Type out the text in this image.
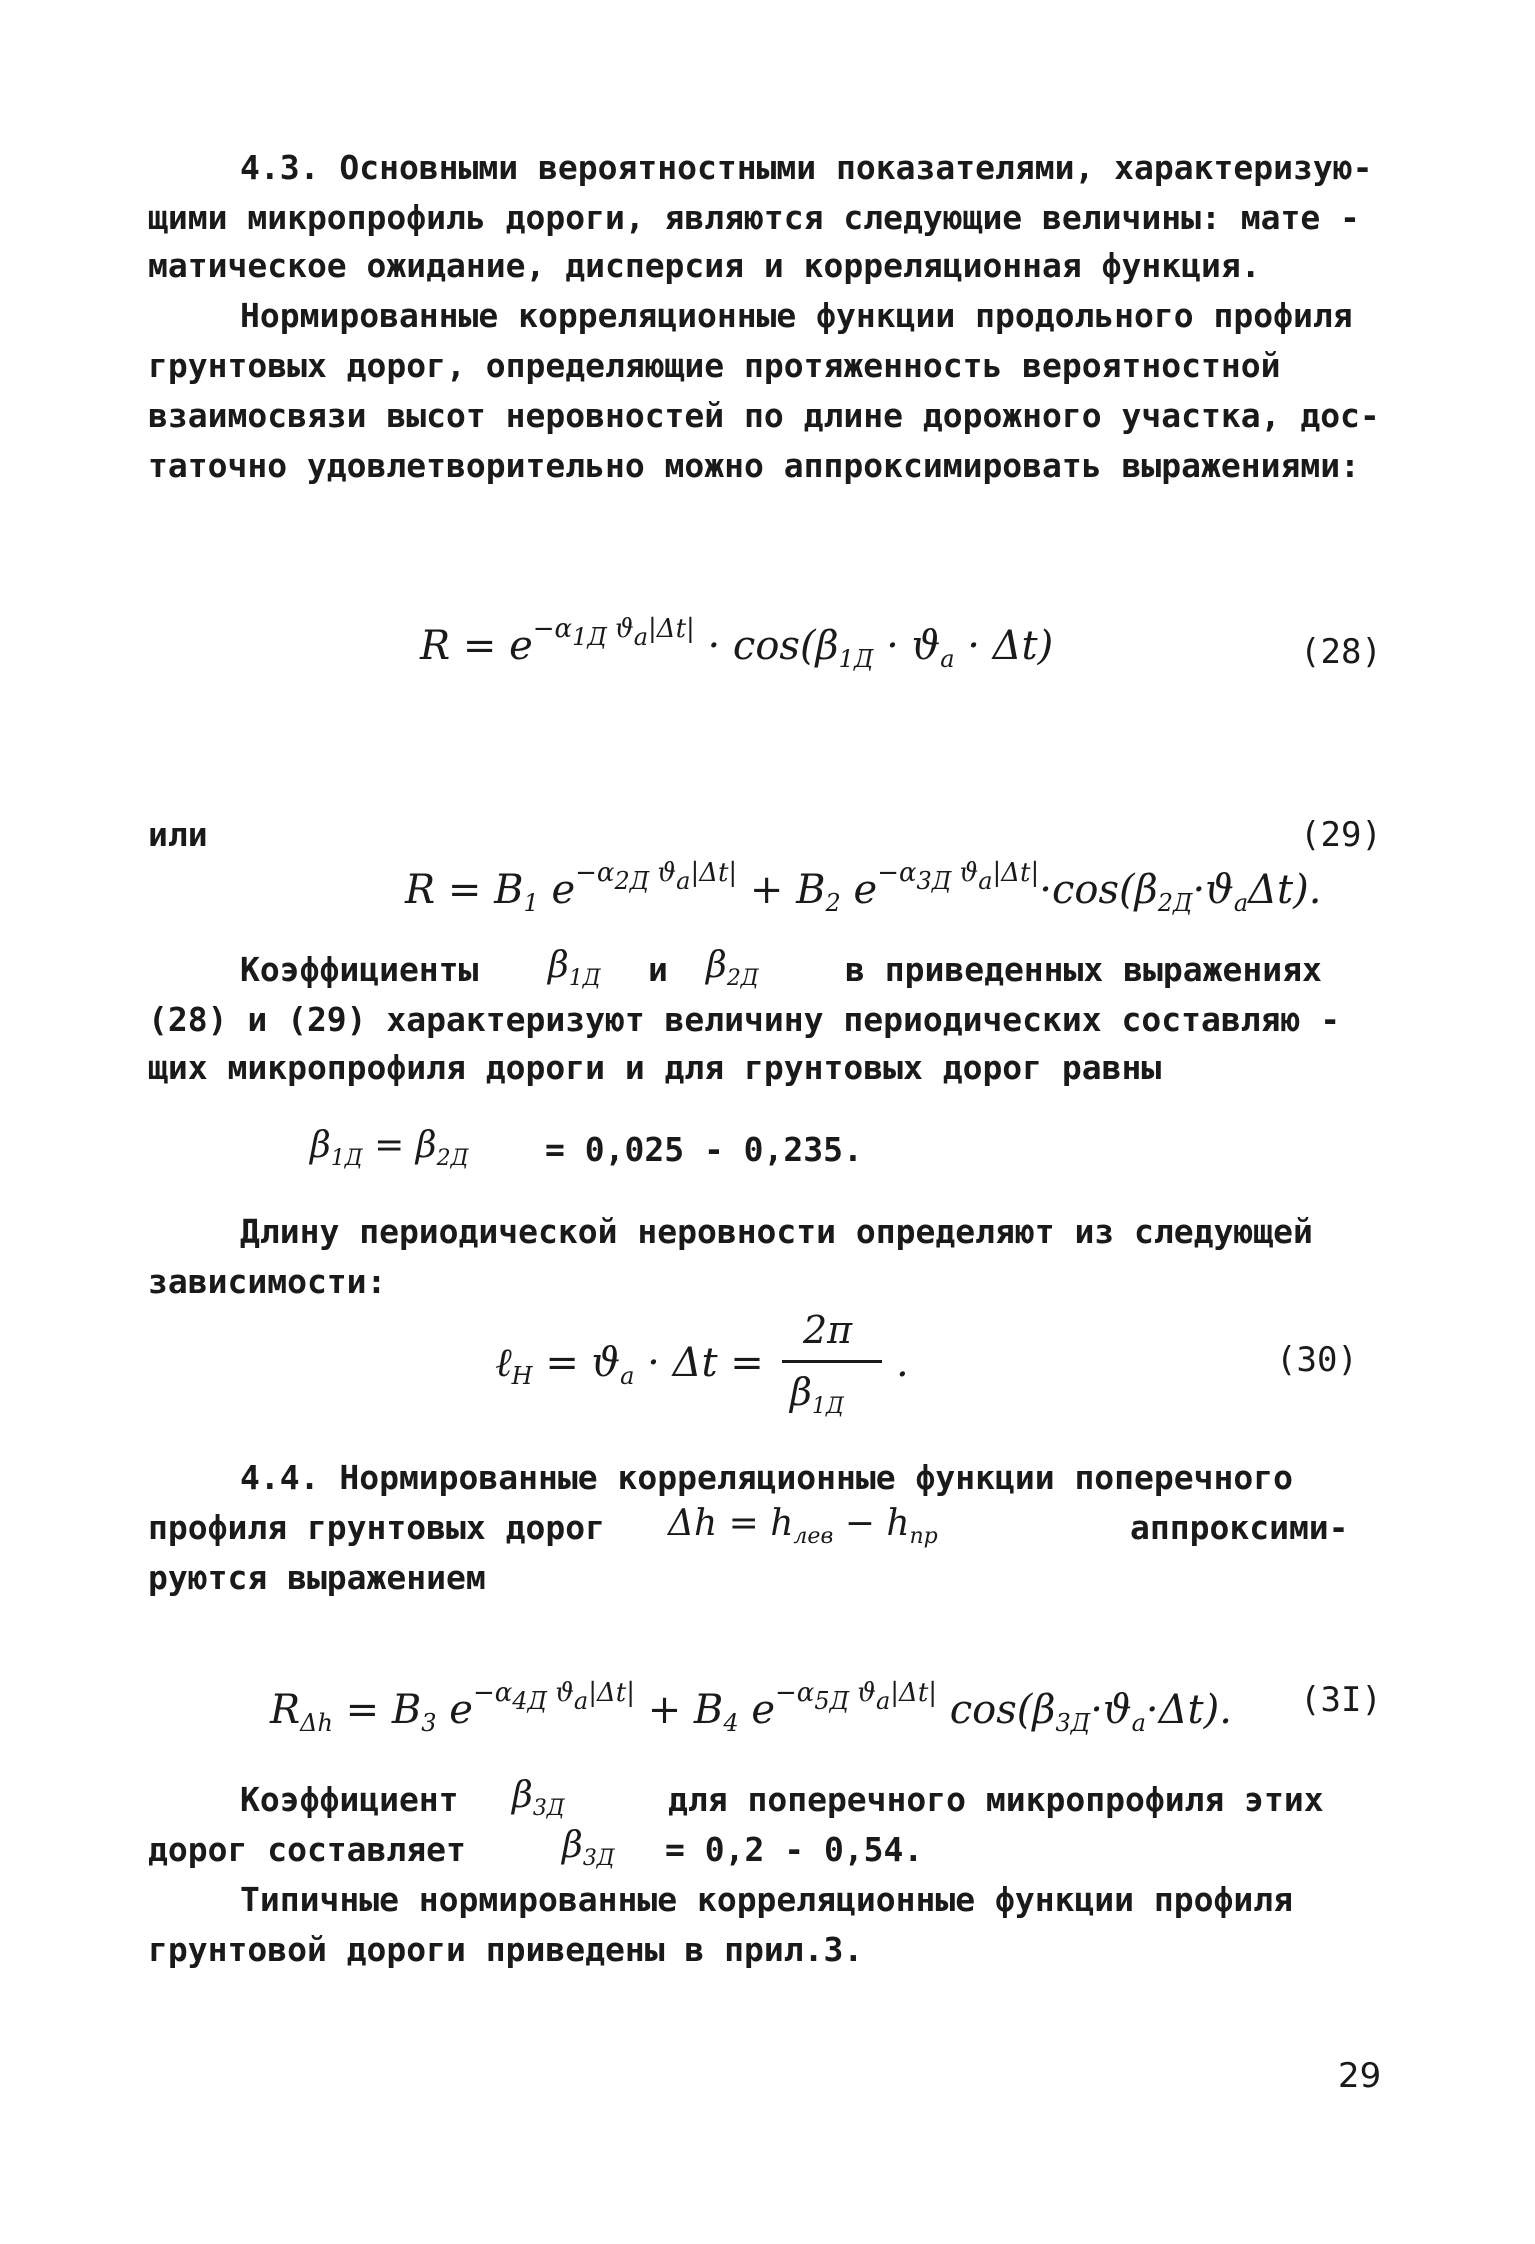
4.3. Основными вероятностными показателями, характеризую-
щими микропрофиль дороги, являются следующие величины: мате -
матическое ожидание, дисперсия и корреляционная функция.
Нормированные корреляционные функции продольного профиля
грунтовых дорог, определяющие протяженность вероятностной
взаимосвязи высот неровностей по длине дорожного участка, дос-
таточно удовлетворительно можно аппроксимировать выражениями:
$R = e^{-\alpha_{1Д} ϑ_a|\Delta t|} \cdot \cos(\beta_{1Д} \cdot ϑ_a \cdot \Delta t)$	(28)
или
$R = B_1$ $e^{-\alpha_{2Д} ϑ_a|\Delta t|} + B_2$ $e^{-\alpha_{3Д} ϑ_a|\Delta t|}\cdot\cos(\beta_{2Д}\cdot ϑ_a\Delta t)$.
(29)
Коэффициенты $\beta_{1Д}$ и $\beta_{2Д}$	в приведенных выражениях
(28) и (29) характеризуют величину периодических составляю -
щих микропрофиля дороги и для грунтовых дорог равны
$\beta_{1Д} = \beta_{2Д} = 0,025 - 0,235$.
Длину периодической неровности определяют из следующей
зависимости:
ℓ$_H$ = $ϑ_a \cdot \Delta t$ =
2π
$\beta_{1Д}$
.	(30)
4.4. Нормированные корреляционные функции поперечного
профиля грунтовых дорог $\Delta h = h_{лев} - h_{пр}$	аппроксими-
руются выражением
$R_{\Delta h} = B_3$ $e^{-\alpha_{4Д} ϑ_a|\Delta t|} + B_4$ $e^{-\alpha_{5Д} ϑ_a|\Delta t|}$ $\cos(\beta_{3Д}\cdot ϑ_a\cdot\Delta t)$. (3I)
Коэффициент $\beta_{3Д}$	для поперечного микропрофиля этих
дорог составляет	$\beta_{3Д} = 0,2 - 0,54$.
Типичные нормированные корреляционные функции профиля
грунтовой дороги приведены в прил.3.
29
